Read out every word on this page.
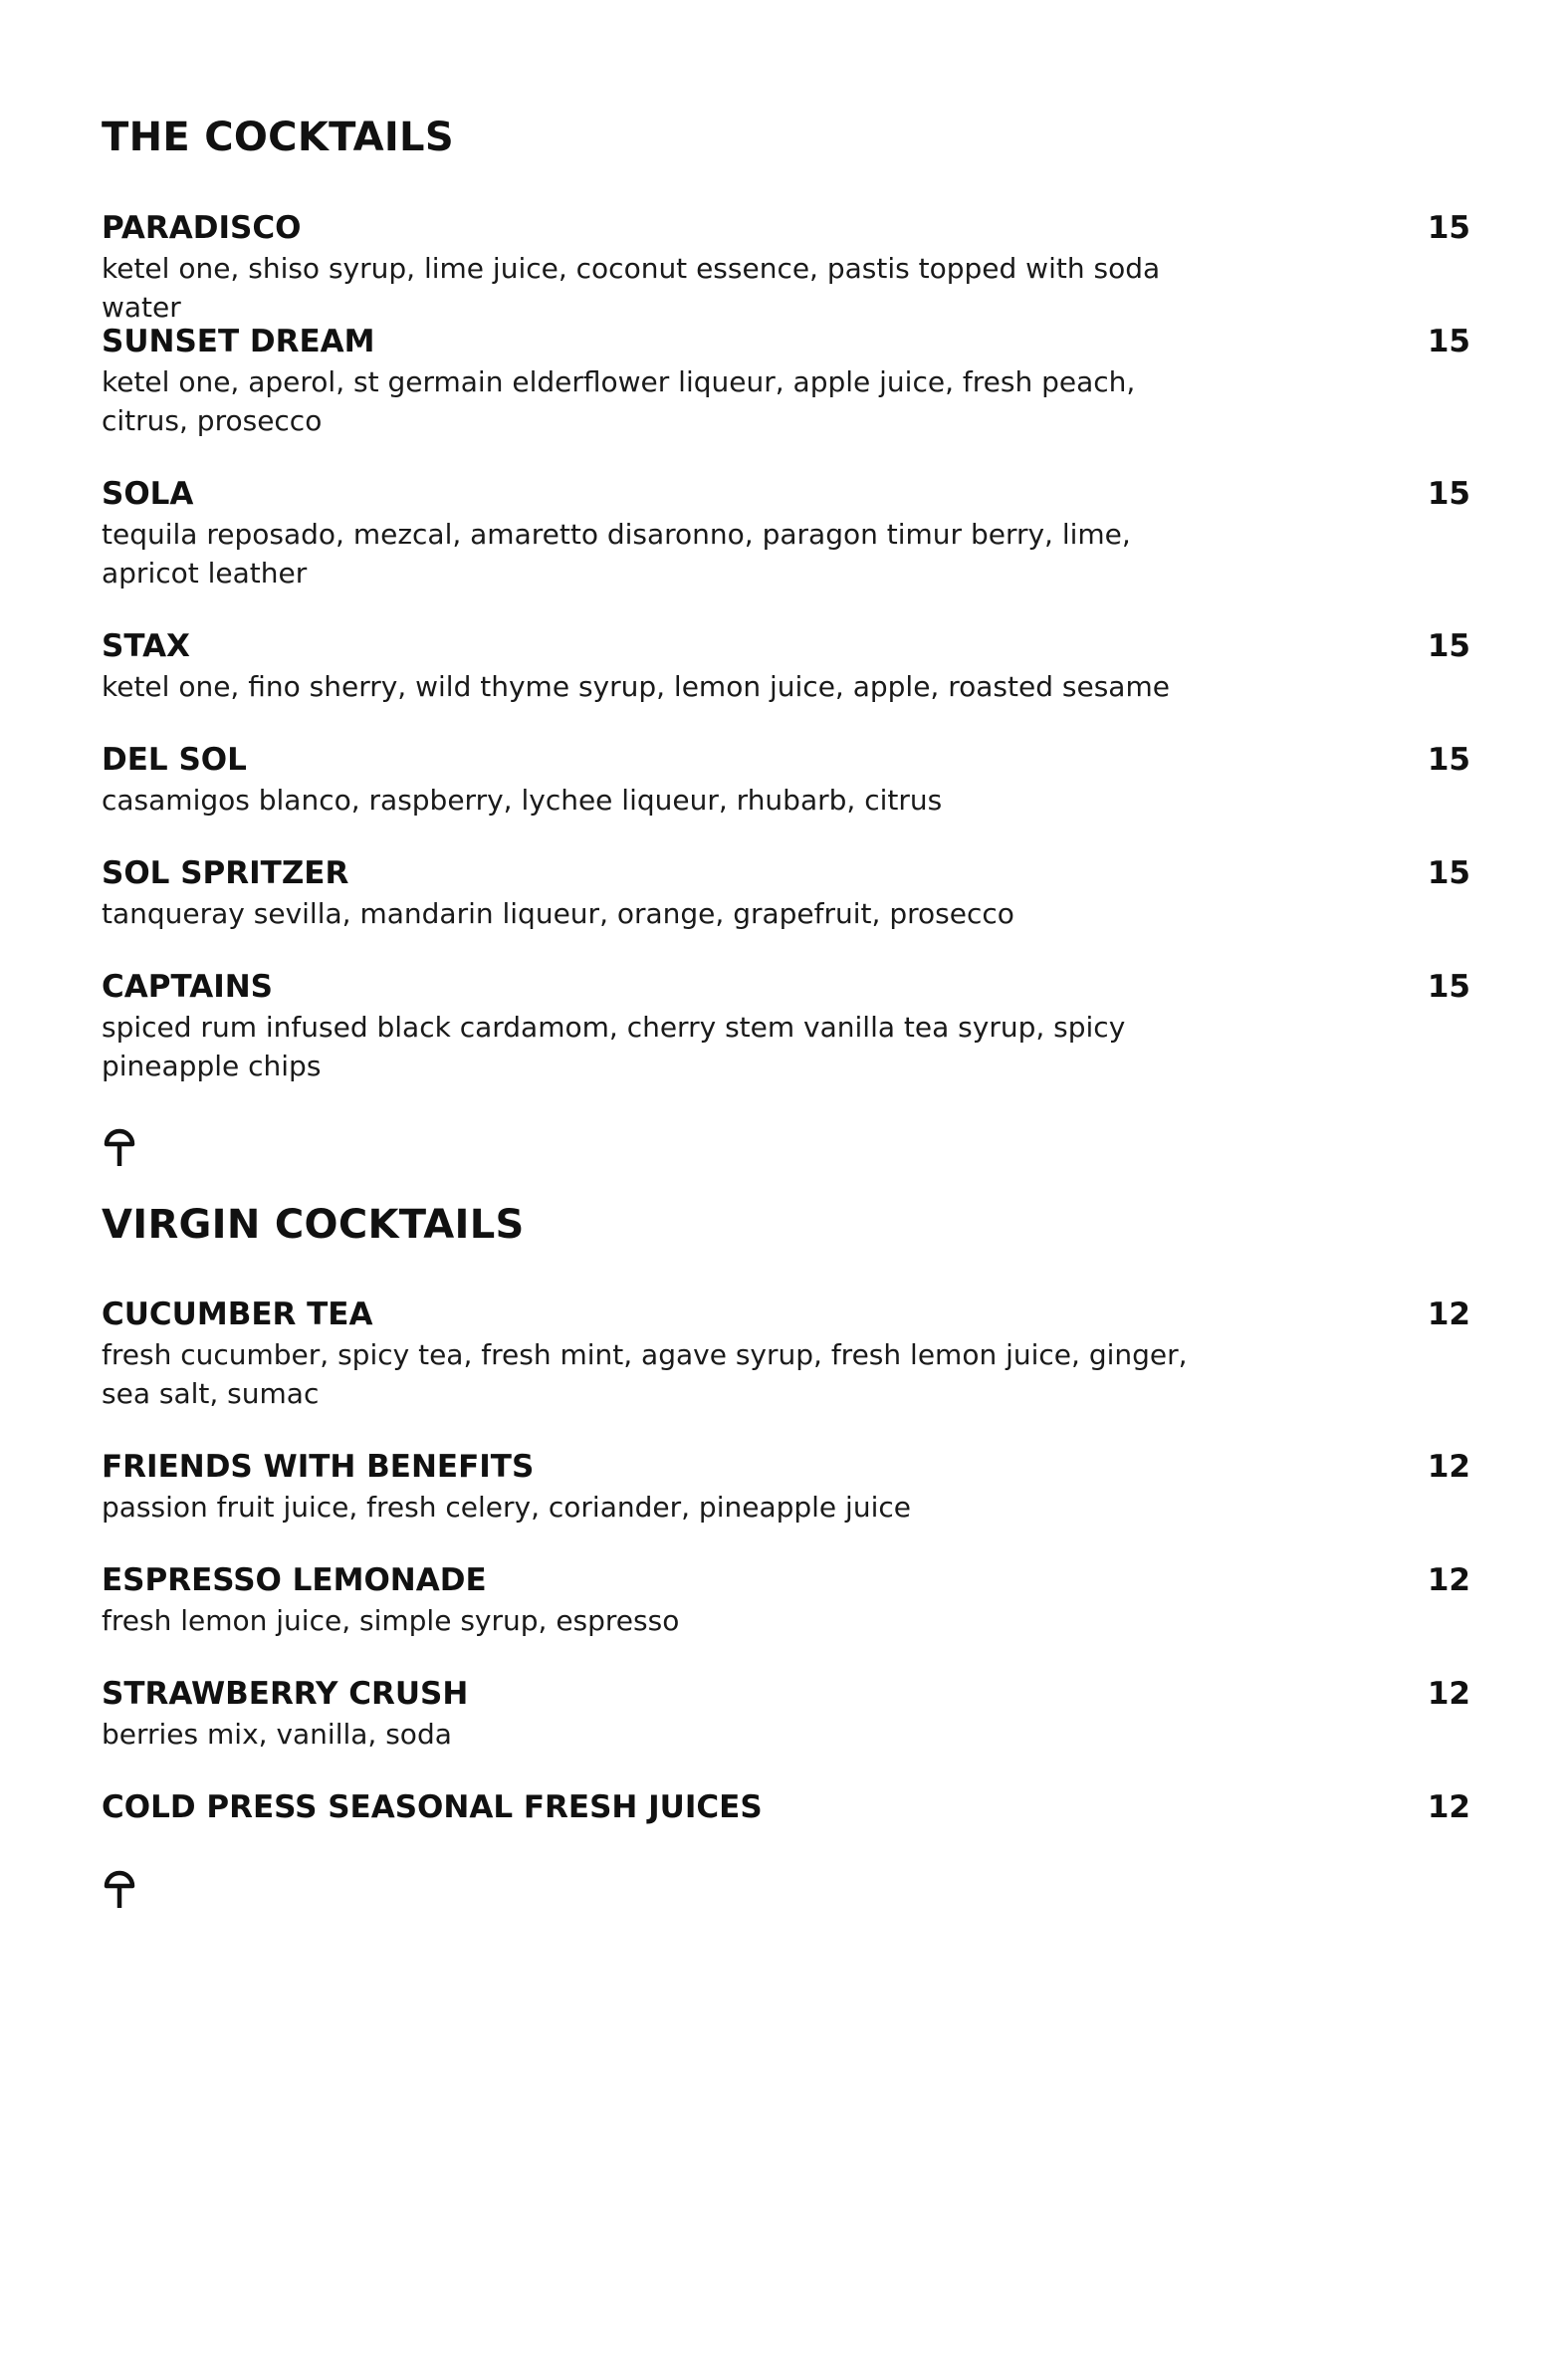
THE COCKTAILS
PARADISCO	15
ketel one, shiso syrup, lime juice, coconut essence, pastis topped with soda water
SUNSET DREAM	15
ketel one, aperol, st germain elderflower liqueur, apple juice, fresh peach, citrus, prosecco
SOLA	15
tequila reposado, mezcal, amaretto disaronno, paragon timur berry, lime, apricot leather
STAX	15
ketel one, fino sherry, wild thyme syrup, lemon juice, apple, roasted sesame
DEL SOL	15
casamigos blanco, raspberry, lychee liqueur, rhubarb, citrus
SOL SPRITZER	15
tanqueray sevilla, mandarin liqueur, orange, grapefruit, prosecco
CAPTAINS	15
spiced rum infused black cardamom, cherry stem vanilla tea syrup, spicy pineapple chips
VIRGIN COCKTAILS
CUCUMBER TEA	12
fresh cucumber, spicy tea, fresh mint, agave syrup, fresh lemon juice, ginger, sea salt, sumac
FRIENDS WITH BENEFITS	12
passion fruit juice, fresh celery, coriander, pineapple juice
ESPRESSO LEMONADE	12
fresh lemon juice, simple syrup, espresso
STRAWBERRY CRUSH	12
berries mix, vanilla, soda
COLD PRESS SEASONAL FRESH JUICES	12
